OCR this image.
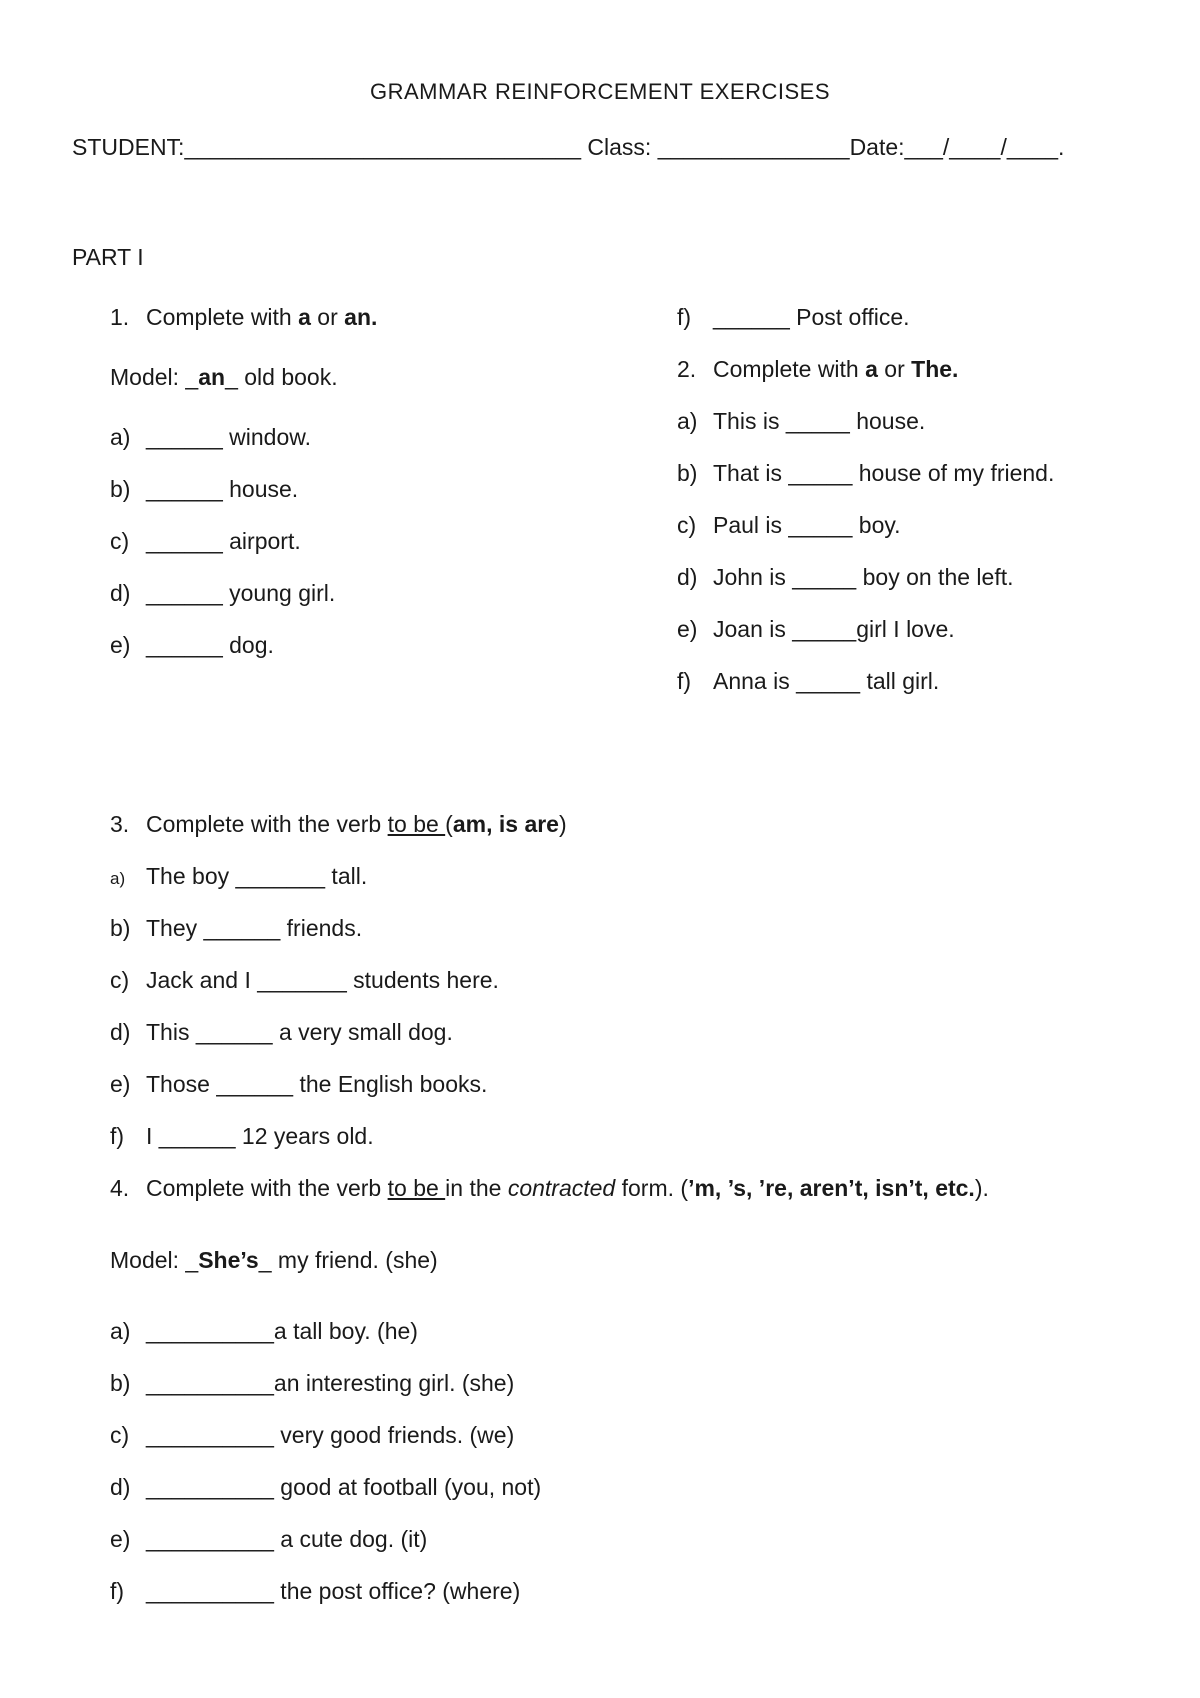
GRAMMAR REINFORCEMENT EXERCISES
STUDENT:_______________________________ Class: _______________Date:___/____/____.
PART I
1. Complete with a or an.
Model: _an_ old book.
a) ______ window.
b) ______ house.
c) ______ airport.
d) ______ young girl.
e) ______ dog.
f) ______ Post office.
2. Complete with a or The.
a) This is _____ house.
b) That is _____ house of my friend.
c) Paul is _____ boy.
d) John is _____ boy on the left.
e) Joan is _____girl I love.
f) Anna is _____ tall girl.
3. Complete with the verb to be (am, is are)
a) The boy _______ tall.
b) They ______ friends.
c) Jack and I _______ students here.
d) This ______ a very small dog.
e) Those ______ the English books.
f) I ______ 12 years old.
4. Complete with the verb to be in the contracted form. (’m, ’s, ’re, aren’t, isn’t, etc.).
Model: _She’s_ my friend. (she)
a) __________a tall boy. (he)
b) __________an interesting girl. (she)
c) __________ very good friends. (we)
d) __________ good at football (you, not)
e) __________ a cute dog. (it)
f) __________ the post office? (where)
